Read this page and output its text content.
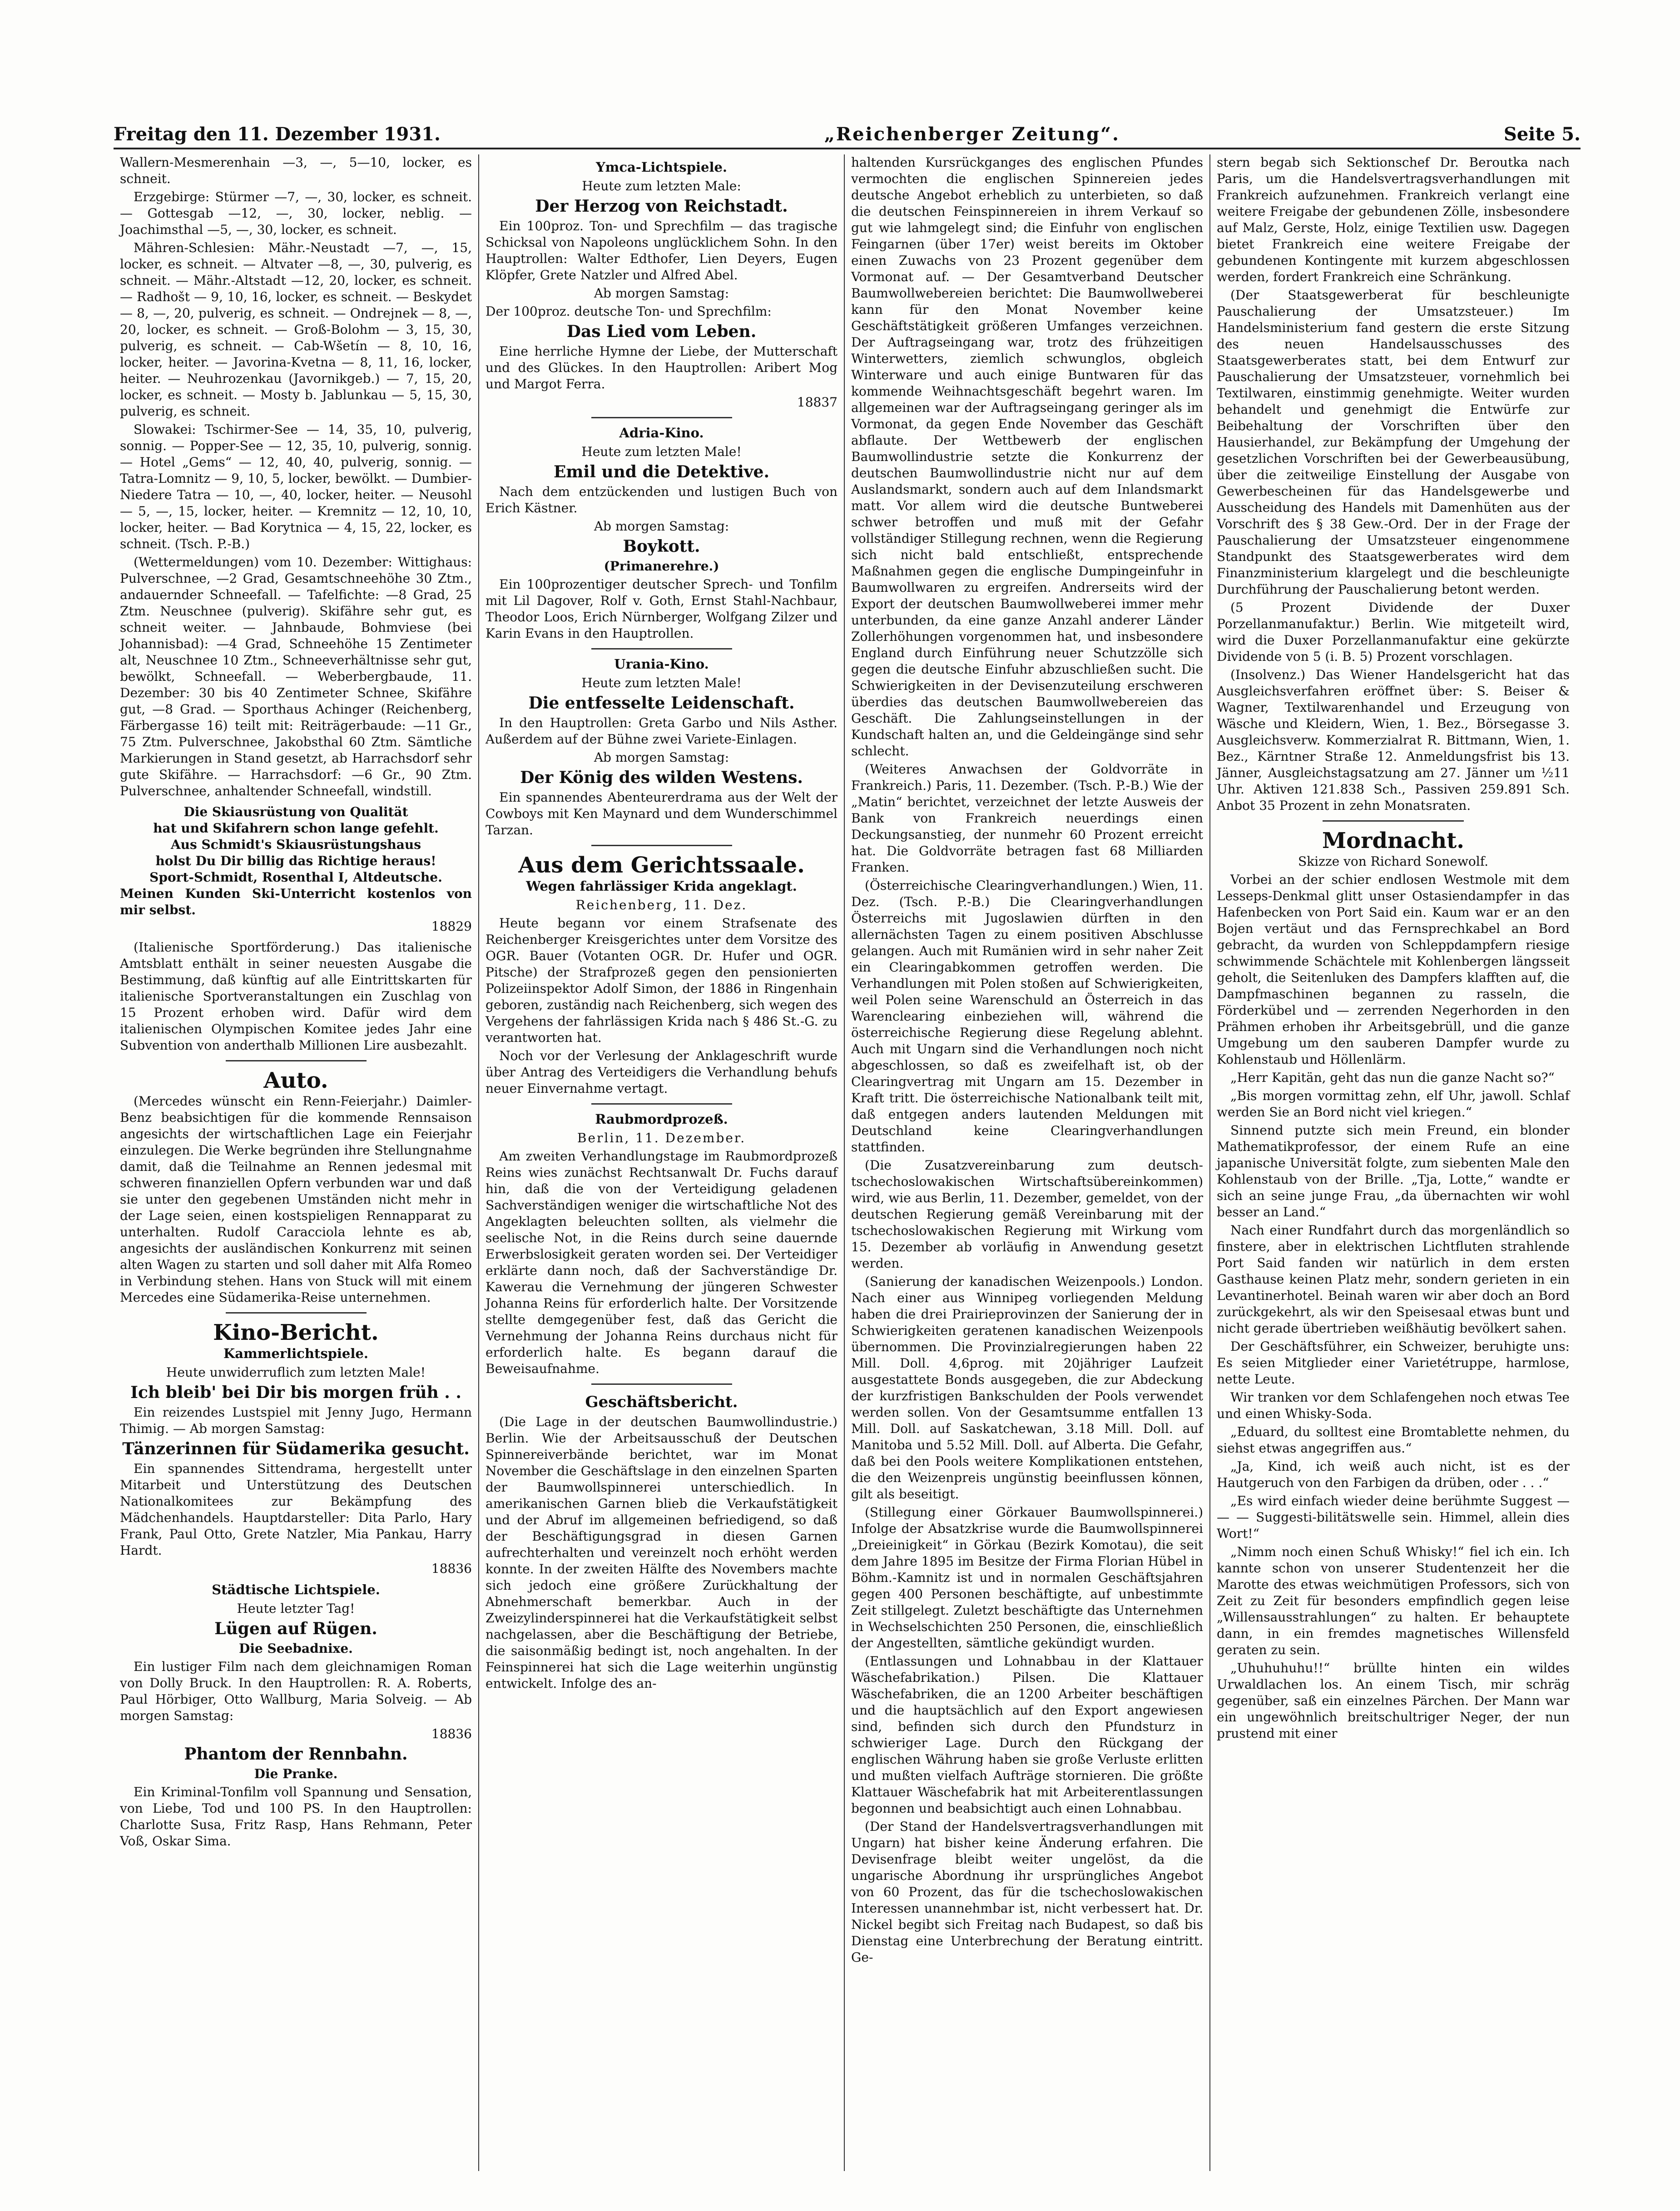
Freitag den 11. Dezember 1931.	„Reichenberger Zeitung“.	Seite 5.

Wallern-Mesmerenhain —3, —, 5—10, locker, es schneit.

Erzgebirge: Stürmer —7, —, 30, locker, es schneit. — Gottesgab —12, —, 30, locker, neblig. — Joachimsthal —5, —, 30, locker, es schneit.

Mähren-Schlesien: Mähr.-Neustadt —7, —, 15, locker, es schneit. — Altvater —8, —, 30, pulverig, es schneit. — Mähr.-Altstadt —12, 20, locker, es schneit. — Radhošt — 9, 10, 16, locker, es schneit. — Beskydet — 8, —, 20, pulverig, es schneit. — Ondrejnek — 8, —, 20, locker, es schneit. — Groß-Bolohm — 3, 15, 30, pulverig, es schneit. — Cab-Wšetín — 8, 10, 16, locker, heiter. — Javorina-Kvetna — 8, 11, 16, locker, heiter. — Neuhrozenkau (Javornikgeb.) — 7, 15, 20, locker, es schneit. — Mosty b. Jablunkau — 5, 15, 30, pulverig, es schneit.

Slowakei: Tschirmer-See — 14, 35, 10, pulverig, sonnig. — Popper-See — 12, 35, 10, pulverig, sonnig. — Hotel „Gems“ — 12, 40, 40, pulverig, sonnig. — Tatra-Lomnitz — 9, 10, 5, locker, bewölkt. — Dumbier-Niedere Tatra — 10, —, 40, locker, heiter. — Neusohl — 5, —, 15, locker, heiter. — Kremnitz — 12, 10, 10, locker, heiter. — Bad Korytnica — 4, 15, 22, locker, es schneit. (Tsch. P.-B.)

(Wettermeldungen) vom 10. Dezember: Wittighaus: Pulverschnee, —2 Grad, Gesamtschneehöhe 30 Ztm., andauernder Schneefall. — Tafelfichte: —8 Grad, 25 Ztm. Neuschnee (pulverig). Skifähre sehr gut, es schneit weiter. — Jahnbaude, Bohmviese (bei Johannisbad): —4 Grad, Schneehöhe 15 Zentimeter alt, Neuschnee 10 Ztm., Schneeverhältnisse sehr gut, bewölkt, Schneefall. — Weberbergbaude, 11. Dezember: 30 bis 40 Zentimeter Schnee, Skifähre gut, —8 Grad. — Sporthaus Achinger (Reichenberg, Färbergasse 16) teilt mit: Reiträgerbaude: —11 Gr., 75 Ztm. Pulverschnee, Jakobsthal 60 Ztm. Sämtliche Markierungen in Stand gesetzt, ab Harrachsdorf sehr gute Skifähre. — Harrachsdorf: —6 Gr., 90 Ztm. Pulverschnee, anhaltender Schneefall, windstill.

Die Skiausrüstung von Qualität
hat und Skifahrern schon lange gefehlt.
Aus Schmidt's Skiausrüstungshaus
holst Du Dir billig das Richtige heraus!
Sport-Schmidt, Rosenthal I, Altdeutsche.
Meinen Kunden Ski-Unterricht kostenlos von mir selbst.
18829

(Italienische Sportförderung.) Das italienische Amtsblatt enthält in seiner neuesten Ausgabe die Bestimmung, daß künftig auf alle Eintrittskarten für italienische Sportveranstaltungen ein Zuschlag von 15 Prozent erhoben wird. Dafür wird dem italienischen Olympischen Komitee jedes Jahr eine Subvention von anderthalb Millionen Lire ausbezahlt.

Auto.

(Mercedes wünscht ein Renn-Feierjahr.) Daimler-Benz beabsichtigen für die kommende Rennsaison angesichts der wirtschaftlichen Lage ein Feierjahr einzulegen. Die Werke begründen ihre Stellungnahme damit, daß die Teilnahme an Rennen jedesmal mit schweren finanziellen Opfern verbunden war und daß sie unter den gegebenen Umständen nicht mehr in der Lage seien, einen kostspieligen Rennapparat zu unterhalten. Rudolf Caracciola lehnte es ab, angesichts der ausländischen Konkurrenz mit seinen alten Wagen zu starten und soll daher mit Alfa Romeo in Verbindung stehen. Hans von Stuck will mit einem Mercedes eine Südamerika-Reise unternehmen.

Kino-Bericht.
Kammerlichtspiele.

Heute unwiderruflich zum letzten Male!

Ich bleib' bei Dir bis morgen früh . .

Ein reizendes Lustspiel mit Jenny Jugo, Hermann Thimig. — Ab morgen Samstag:

Tänzerinnen für Südamerika gesucht.

Ein spannendes Sittendrama, hergestellt unter Mitarbeit und Unterstützung des Deutschen Nationalkomitees zur Bekämpfung des Mädchenhandels. Hauptdarsteller: Dita Parlo, Hary Frank, Paul Otto, Grete Natzler, Mia Pankau, Harry Hardt.

18836
Städtische Lichtspiele.

Heute letzter Tag!

Lügen auf Rügen.

Die Seebadnixe.

Ein lustiger Film nach dem gleichnamigen Roman von Dolly Bruck. In den Hauptrollen: R. A. Roberts, Paul Hörbiger, Otto Wallburg, Maria Solveig. — Ab morgen Samstag:

18836
Phantom der Rennbahn.

Die Pranke.

Ein Kriminal-Tonfilm voll Spannung und Sensation, von Liebe, Tod und 100 PS. In den Hauptrollen: Charlotte Susa, Fritz Rasp, Hans Rehmann, Peter Voß, Oskar Sima.

Ymca-Lichtspiele.

Heute zum letzten Male:

Der Herzog von Reichstadt.

Ein 100proz. Ton- und Sprechfilm — das tragische Schicksal von Napoleons unglücklichem Sohn. In den Hauptrollen: Walter Edthofer, Lien Deyers, Eugen Klöpfer, Grete Natzler und Alfred Abel.

Ab morgen Samstag:

Der 100proz. deutsche Ton- und Sprechfilm:

Das Lied vom Leben.

Eine herrliche Hymne der Liebe, der Mutterschaft und des Glückes. In den Hauptrollen: Aribert Mog und Margot Ferra.

18837
Adria-Kino.

Heute zum letzten Male!

Emil und die Detektive.

Nach dem entzückenden und lustigen Buch von Erich Kästner.

Ab morgen Samstag:

Boykott.

(Primanerehre.)

Ein 100prozentiger deutscher Sprech- und Tonfilm mit Lil Dagover, Rolf v. Goth, Ernst Stahl-Nachbaur, Theodor Loos, Erich Nürnberger, Wolfgang Zilzer und Karin Evans in den Hauptrollen.

Urania-Kino.

Heute zum letzten Male!

Die entfesselte Leidenschaft.

In den Hauptrollen: Greta Garbo und Nils Asther. Außerdem auf der Bühne zwei Variete-Einlagen.

Ab morgen Samstag:

Der König des wilden Westens.

Ein spannendes Abenteurerdrama aus der Welt der Cowboys mit Ken Maynard und dem Wunderschimmel Tarzan.

Aus dem Gerichtssaale.
Wegen fahrlässiger Krida angeklagt.

Reichenberg, 11. Dez.

Heute begann vor einem Strafsenate des Reichenberger Kreisgerichtes unter dem Vorsitze des OGR. Bauer (Votanten OGR. Dr. Hufer und OGR. Pitsche) der Strafprozeß gegen den pensionierten Polizeiinspektor Adolf Simon, der 1886 in Ringenhain geboren, zuständig nach Reichenberg, sich wegen des Vergehens der fahrlässigen Krida nach § 486 St.-G. zu verantworten hat.

Noch vor der Verlesung der Anklageschrift wurde über Antrag des Verteidigers die Verhandlung behufs neuer Einvernahme vertagt.

Raubmordprozeß.

Berlin, 11. Dezember.

Am zweiten Verhandlungstage im Raubmordprozeß Reins wies zunächst Rechtsanwalt Dr. Fuchs darauf hin, daß die von der Verteidigung geladenen Sachverständigen weniger die wirtschaftliche Not des Angeklagten beleuchten sollten, als vielmehr die seelische Not, in die Reins durch seine dauernde Erwerbslosigkeit geraten worden sei. Der Verteidiger erklärte dann noch, daß der Sachverständige Dr. Kawerau die Vernehmung der jüngeren Schwester Johanna Reins für erforderlich halte. Der Vorsitzende stellte demgegenüber fest, daß das Gericht die Vernehmung der Johanna Reins durchaus nicht für erforderlich halte. Es begann darauf die Beweisaufnahme.

Geschäftsbericht.

(Die Lage in der deutschen Baumwollindustrie.) Berlin. Wie der Arbeitsausschuß der Deutschen Spinnereiverbände berichtet, war im Monat November die Geschäftslage in den einzelnen Sparten der Baumwollspinnerei unterschiedlich. In amerikanischen Garnen blieb die Verkaufstätigkeit und der Abruf im allgemeinen befriedigend, so daß der Beschäftigungsgrad in diesen Garnen aufrechterhalten und vereinzelt noch erhöht werden konnte. In der zweiten Hälfte des Novembers machte sich jedoch eine größere Zurückhaltung der Abnehmerschaft bemerkbar. Auch in der Zweizylinderspinnerei hat die Verkaufstätigkeit selbst nachgelassen, aber die Beschäftigung der Betriebe, die saisonmäßig bedingt ist, noch angehalten. In der Feinspinnerei hat sich die Lage weiterhin ungünstig entwickelt. Infolge des an-

haltenden Kursrückganges des englischen Pfundes vermochten die englischen Spinnereien jedes deutsche Angebot erheblich zu unterbieten, so daß die deutschen Feinspinnereien in ihrem Verkauf so gut wie lahmgelegt sind; die Einfuhr von englischen Feingarnen (über 17er) weist bereits im Oktober einen Zuwachs von 23 Prozent gegenüber dem Vormonat auf. — Der Gesamtverband Deutscher Baumwollwebereien berichtet: Die Baumwollweberei kann für den Monat November keine Geschäftstätigkeit größeren Umfanges verzeichnen. Der Auftragseingang war, trotz des frühzeitigen Winterwetters, ziemlich schwunglos, obgleich Winterware und auch einige Buntwaren für das kommende Weihnachtsgeschäft begehrt waren. Im allgemeinen war der Auftragseingang geringer als im Vormonat, da gegen Ende November das Geschäft abflaute. Der Wettbewerb der englischen Baumwollindustrie setzte die Konkurrenz der deutschen Baumwollindustrie nicht nur auf dem Auslandsmarkt, sondern auch auf dem Inlandsmarkt matt. Vor allem wird die deutsche Buntweberei schwer betroffen und muß mit der Gefahr vollständiger Stillegung rechnen, wenn die Regierung sich nicht bald entschließt, entsprechende Maßnahmen gegen die englische Dumpingeinfuhr in Baumwollwaren zu ergreifen. Andrerseits wird der Export der deutschen Baumwollweberei immer mehr unterbunden, da eine ganze Anzahl anderer Länder Zollerhöhungen vorgenommen hat, und insbesondere England durch Einführung neuer Schutzzölle sich gegen die deutsche Einfuhr abzuschließen sucht. Die Schwierigkeiten in der Devisenzuteilung erschweren überdies das deutschen Baumwollwebereien das Geschäft. Die Zahlungseinstellungen in der Kundschaft halten an, und die Geldeingänge sind sehr schlecht.

(Weiteres Anwachsen der Goldvorräte in Frankreich.) Paris, 11. Dezember. (Tsch. P.-B.) Wie der „Matin“ berichtet, verzeichnet der letzte Ausweis der Bank von Frankreich neuerdings einen Deckungsanstieg, der nunmehr 60 Prozent erreicht hat. Die Goldvorräte betragen fast 68 Milliarden Franken.

(Österreichische Clearingverhandlungen.) Wien, 11. Dez. (Tsch. P.-B.) Die Clearingverhandlungen Österreichs mit Jugoslawien dürften in den allernächsten Tagen zu einem positiven Abschlusse gelangen. Auch mit Rumänien wird in sehr naher Zeit ein Clearingabkommen getroffen werden. Die Verhandlungen mit Polen stoßen auf Schwierigkeiten, weil Polen seine Warenschuld an Österreich in das Warenclearing einbeziehen will, während die österreichische Regierung diese Regelung ablehnt. Auch mit Ungarn sind die Verhandlungen noch nicht abgeschlossen, so daß es zweifelhaft ist, ob der Clearingvertrag mit Ungarn am 15. Dezember in Kraft tritt. Die österreichische Nationalbank teilt mit, daß entgegen anders lautenden Meldungen mit Deutschland keine Clearingverhandlungen stattfinden.

(Die Zusatzvereinbarung zum deutsch-tschechoslowakischen Wirtschaftsübereinkommen) wird, wie aus Berlin, 11. Dezember, gemeldet, von der deutschen Regierung gemäß Vereinbarung mit der tschechoslowakischen Regierung mit Wirkung vom 15. Dezember ab vorläufig in Anwendung gesetzt werden.

(Sanierung der kanadischen Weizenpools.) London. Nach einer aus Winnipeg vorliegenden Meldung haben die drei Prairieprovinzen der Sanierung der in Schwierigkeiten geratenen kanadischen Weizenpools übernommen. Die Provinzialregierungen haben 22 Mill. Doll. 4,6prog. mit 20jähriger Laufzeit ausgestattete Bonds ausgegeben, die zur Abdeckung der kurzfristigen Bankschulden der Pools verwendet werden sollen. Von der Gesamtsumme entfallen 13 Mill. Doll. auf Saskatchewan, 3.18 Mill. Doll. auf Manitoba und 5.52 Mill. Doll. auf Alberta. Die Gefahr, daß bei den Pools weitere Komplikationen entstehen, die den Weizenpreis ungünstig beeinflussen können, gilt als beseitigt.

(Stillegung einer Görkauer Baumwollspinnerei.) Infolge der Absatzkrise wurde die Baumwollspinnerei „Dreieinigkeit“ in Görkau (Bezirk Komotau), die seit dem Jahre 1895 im Besitze der Firma Florian Hübel in Böhm.-Kamnitz ist und in normalen Geschäftsjahren gegen 400 Personen beschäftigte, auf unbestimmte Zeit stillgelegt. Zuletzt beschäftigte das Unternehmen in Wechselschichten 250 Personen, die, einschließlich der Angestellten, sämtliche gekündigt wurden.

(Entlassungen und Lohnabbau in der Klattauer Wäschefabrikation.) Pilsen. Die Klattauer Wäschefabriken, die an 1200 Arbeiter beschäftigen und die hauptsächlich auf den Export angewiesen sind, befinden sich durch den Pfundsturz in schwieriger Lage. Durch den Rückgang der englischen Währung haben sie große Verluste erlitten und mußten vielfach Aufträge stornieren. Die größte Klattauer Wäschefabrik hat mit Arbeiterentlassungen begonnen und beabsichtigt auch einen Lohnabbau.

(Der Stand der Handelsvertragsverhandlungen mit Ungarn) hat bisher keine Änderung erfahren. Die Devisenfrage bleibt weiter ungelöst, da die ungarische Abordnung ihr ursprüngliches Angebot von 60 Prozent, das für die tschechoslowakischen Interessen unannehmbar ist, nicht verbessert hat. Dr. Nickel begibt sich Freitag nach Budapest, so daß bis Dienstag eine Unterbrechung der Beratung eintritt. Ge-

stern begab sich Sektionschef Dr. Beroutka nach Paris, um die Handelsvertragsverhandlungen mit Frankreich aufzunehmen. Frankreich verlangt eine weitere Freigabe der gebundenen Zölle, insbesondere auf Malz, Gerste, Holz, einige Textilien usw. Dagegen bietet Frankreich eine weitere Freigabe der gebundenen Kontingente mit kurzem abgeschlossen werden, fordert Frankreich eine Schränkung.

(Der Staatsgewerberat für beschleunigte Pauschalierung der Umsatzsteuer.) Im Handelsministerium fand gestern die erste Sitzung des neuen Handelsausschusses des Staatsgewerberates statt, bei dem Entwurf zur Pauschalierung der Umsatzsteuer, vornehmlich bei Textilwaren, einstimmig genehmigte. Weiter wurden behandelt und genehmigt die Entwürfe zur Beibehaltung der Vorschriften über den Hausierhandel, zur Bekämpfung der Umgehung der gesetzlichen Vorschriften bei der Gewerbeausübung, über die zeitweilige Einstellung der Ausgabe von Gewerbescheinen für das Handelsgewerbe und Ausscheidung des Handels mit Damenhüten aus der Vorschrift des § 38 Gew.-Ord. Der in der Frage der Pauschalierung der Umsatzsteuer eingenommene Standpunkt des Staatsgewerberates wird dem Finanzministerium klargelegt und die beschleunigte Durchführung der Pauschalierung betont werden.

(5 Prozent Dividende der Duxer Porzellanmanufaktur.) Berlin. Wie mitgeteilt wird, wird die Duxer Porzellanmanufaktur eine gekürzte Dividende von 5 (i. B. 5) Prozent vorschlagen.

(Insolvenz.) Das Wiener Handelsgericht hat das Ausgleichsverfahren eröffnet über: S. Beiser & Wagner, Textilwarenhandel und Erzeugung von Wäsche und Kleidern, Wien, 1. Bez., Börsegasse 3. Ausgleichsverw. Kommerzialrat R. Bittmann, Wien, 1. Bez., Kärntner Straße 12. Anmeldungsfrist bis 13. Jänner, Ausgleichstagsatzung am 27. Jänner um ½11 Uhr. Aktiven 121.838 Sch., Passiven 259.891 Sch. Anbot 35 Prozent in zehn Monatsraten.

Mordnacht.

Skizze von Richard Sonewolf.

Vorbei an der schier endlosen Westmole mit dem Lesseps-Denkmal glitt unser Ostasiendampfer in das Hafenbecken von Port Said ein. Kaum war er an den Bojen vertäut und das Fernsprechkabel an Bord gebracht, da wurden von Schleppdampfern riesige schwimmende Schächtele mit Kohlenbergen längsseit geholt, die Seitenluken des Dampfers klafften auf, die Dampfmaschinen begannen zu rasseln, die Förderkübel und — zerrenden Negerhorden in den Prähmen erhoben ihr Arbeitsgebrüll, und die ganze Umgebung um den sauberen Dampfer wurde zu Kohlenstaub und Höllenlärm.

„Herr Kapitän, geht das nun die ganze Nacht so?“

„Bis morgen vormittag zehn, elf Uhr, jawoll. Schlaf werden Sie an Bord nicht viel kriegen.“

Sinnend putzte sich mein Freund, ein blonder Mathematikprofessor, der einem Rufe an eine japanische Universität folgte, zum siebenten Male den Kohlenstaub von der Brille. „Tja, Lotte,“ wandte er sich an seine junge Frau, „da übernachten wir wohl besser an Land.“

Nach einer Rundfahrt durch das morgenländlich so finstere, aber in elektrischen Lichtfluten strahlende Port Said fanden wir natürlich in dem ersten Gasthause keinen Platz mehr, sondern gerieten in ein Levantinerhotel. Beinah waren wir aber doch an Bord zurückgekehrt, als wir den Speisesaal etwas bunt und nicht gerade übertrieben weißhäutig bevölkert sahen.

Der Geschäftsführer, ein Schweizer, beruhigte uns: Es seien Mitglieder einer Varietétruppe, harmlose, nette Leute.

Wir tranken vor dem Schlafengehen noch etwas Tee und einen Whisky-Soda.

„Eduard, du solltest eine Bromtablette nehmen, du siehst etwas angegriffen aus.“

„Ja, Kind, ich weiß auch nicht, ist es der Hautgeruch von den Farbigen da drüben, oder . . .“

„Es wird einfach wieder deine berühmte Suggest — — — Suggesti-bilitätswelle sein. Himmel, allein dies Wort!“

„Nimm noch einen Schuß Whisky!“ fiel ich ein. Ich kannte schon von unserer Studentenzeit her die Marotte des etwas weichmütigen Professors, sich von Zeit zu Zeit für besonders empfindlich gegen leise „Willensausstrahlungen“ zu halten. Er behauptete dann, in ein fremdes magnetisches Willensfeld geraten zu sein.

„Uhuhuhuhu!!“ brüllte hinten ein wildes Urwaldlachen los. An einem Tisch, mir schräg gegenüber, saß ein einzelnes Pärchen. Der Mann war ein ungewöhnlich breitschultriger Neger, der nun prustend mit einer
